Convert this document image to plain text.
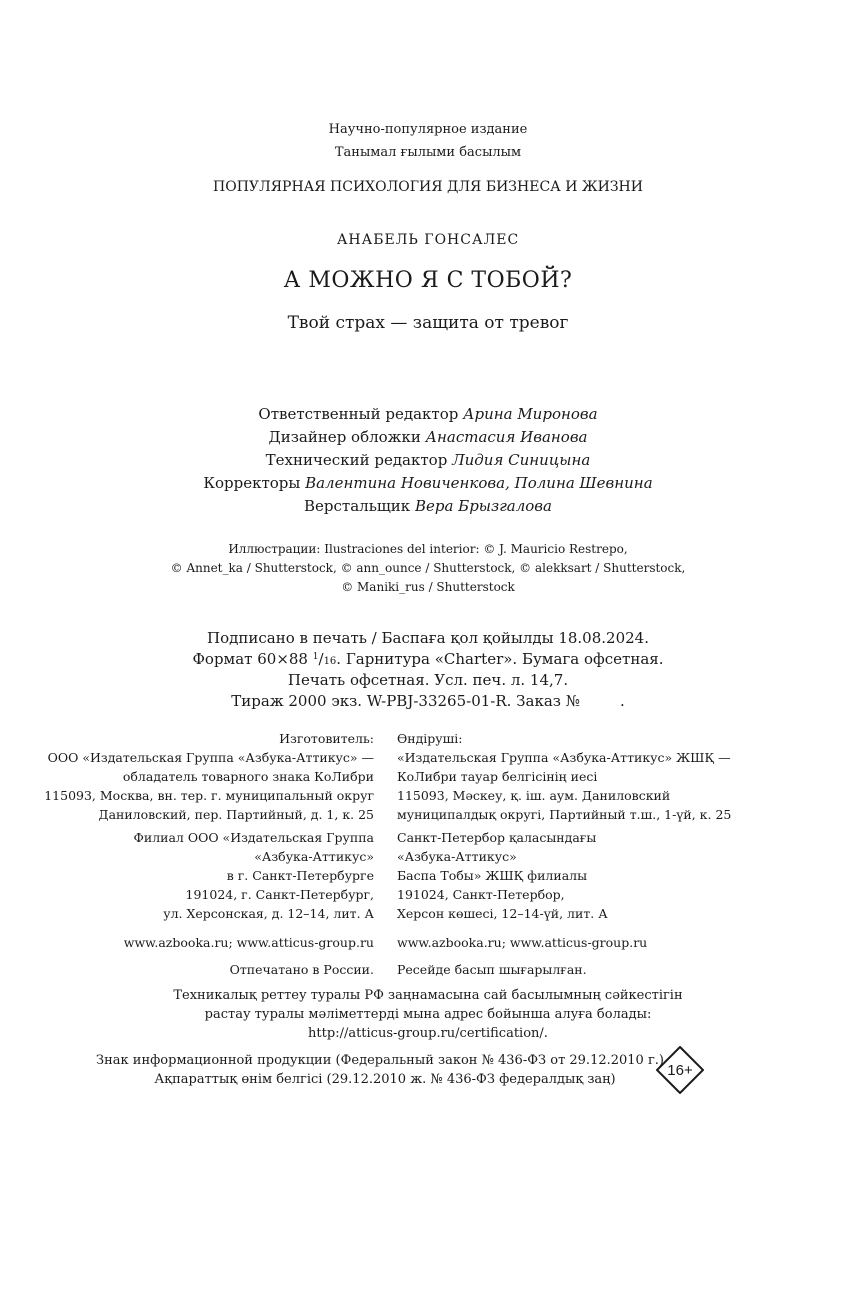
Научно-популярное издание
Танымал ғылыми басылым
ПОПУЛЯРНАЯ ПСИХОЛОГИЯ ДЛЯ БИЗНЕСА И ЖИЗНИ
АНАБЕЛЬ ГОНСАЛЕС
А МОЖНО Я С ТОБОЙ?
Твой страх — защита от тревог
Ответственный редактор Арина Миронова
Дизайнер обложки Анастасия Иванова
Технический редактор Лидия Синицына
Корректоры Валентина Новиченкова, Полина Шевнина
Верстальщик Вера Брызгалова
Иллюстрации: Ilustraciones del interior: © J. Mauricio Restrepo,
© Annet_ka / Shutterstock, © ann_ounce / Shutterstock, © alekksart / Shutterstock,
© Maniki_rus / Shutterstock
Подписано в печать / Баспаға қол қойылды 18.08.2024.
Формат 60×88 $^1$/16. Гарнитура «Charter». Бумага офсетная.
Печать офсетная. Усл. печ. л. 14,7.
Тираж 2000 экз. W-PBJ-33265-01-R. Заказ №	.
Изготовитель:
ООО «Издательская Группа «Азбука-Аттикус» —
обладатель товарного знака КоЛибри
115093, Москва, вн. тер. г. муниципальный округ
Даниловский, пер. Партийный, д. 1, к. 25
Өндіруші:
«Издательская Группа «Азбука-Аттикус» ЖШҚ —
КоЛибри тауар белгісінің иесі
115093, Мәскеу, қ. іш. аум. Даниловский
муниципалдық округі, Партийный т.ш., 1-үй, к. 25
Филиал ООО «Издательская Группа
«Азбука-Аттикус»
в г. Санкт-Петербурге
191024, г. Санкт-Петербург,
ул. Херсонская, д. 12–14, лит. А
Санкт-Петербор қаласындағы
«Азбука-Аттикус»
Баспа Тобы» ЖШҚ филиалы
191024, Санкт-Петербор,
Херсон көшесі, 12–14-үй, лит. А
www.azbooka.ru; www.atticus-group.ru www.azbooka.ru; www.atticus-group.ru
Отпечатано в России. Ресейде басып шығарылған.
Техникалық реттеу туралы РФ заңнамасына сай басылымның сәйкестігін
растау туралы мәліметтерді мына адрес бойынша алуға болады:
http://atticus-group.ru/certification/.
Знак информационной продукции (Федеральный закон № 436-ФЗ от 29.12.2010 г.)
Ақпараттық өнім белгісі (29.12.2010 ж. № 436-ФЗ федералдық заң)
16+
